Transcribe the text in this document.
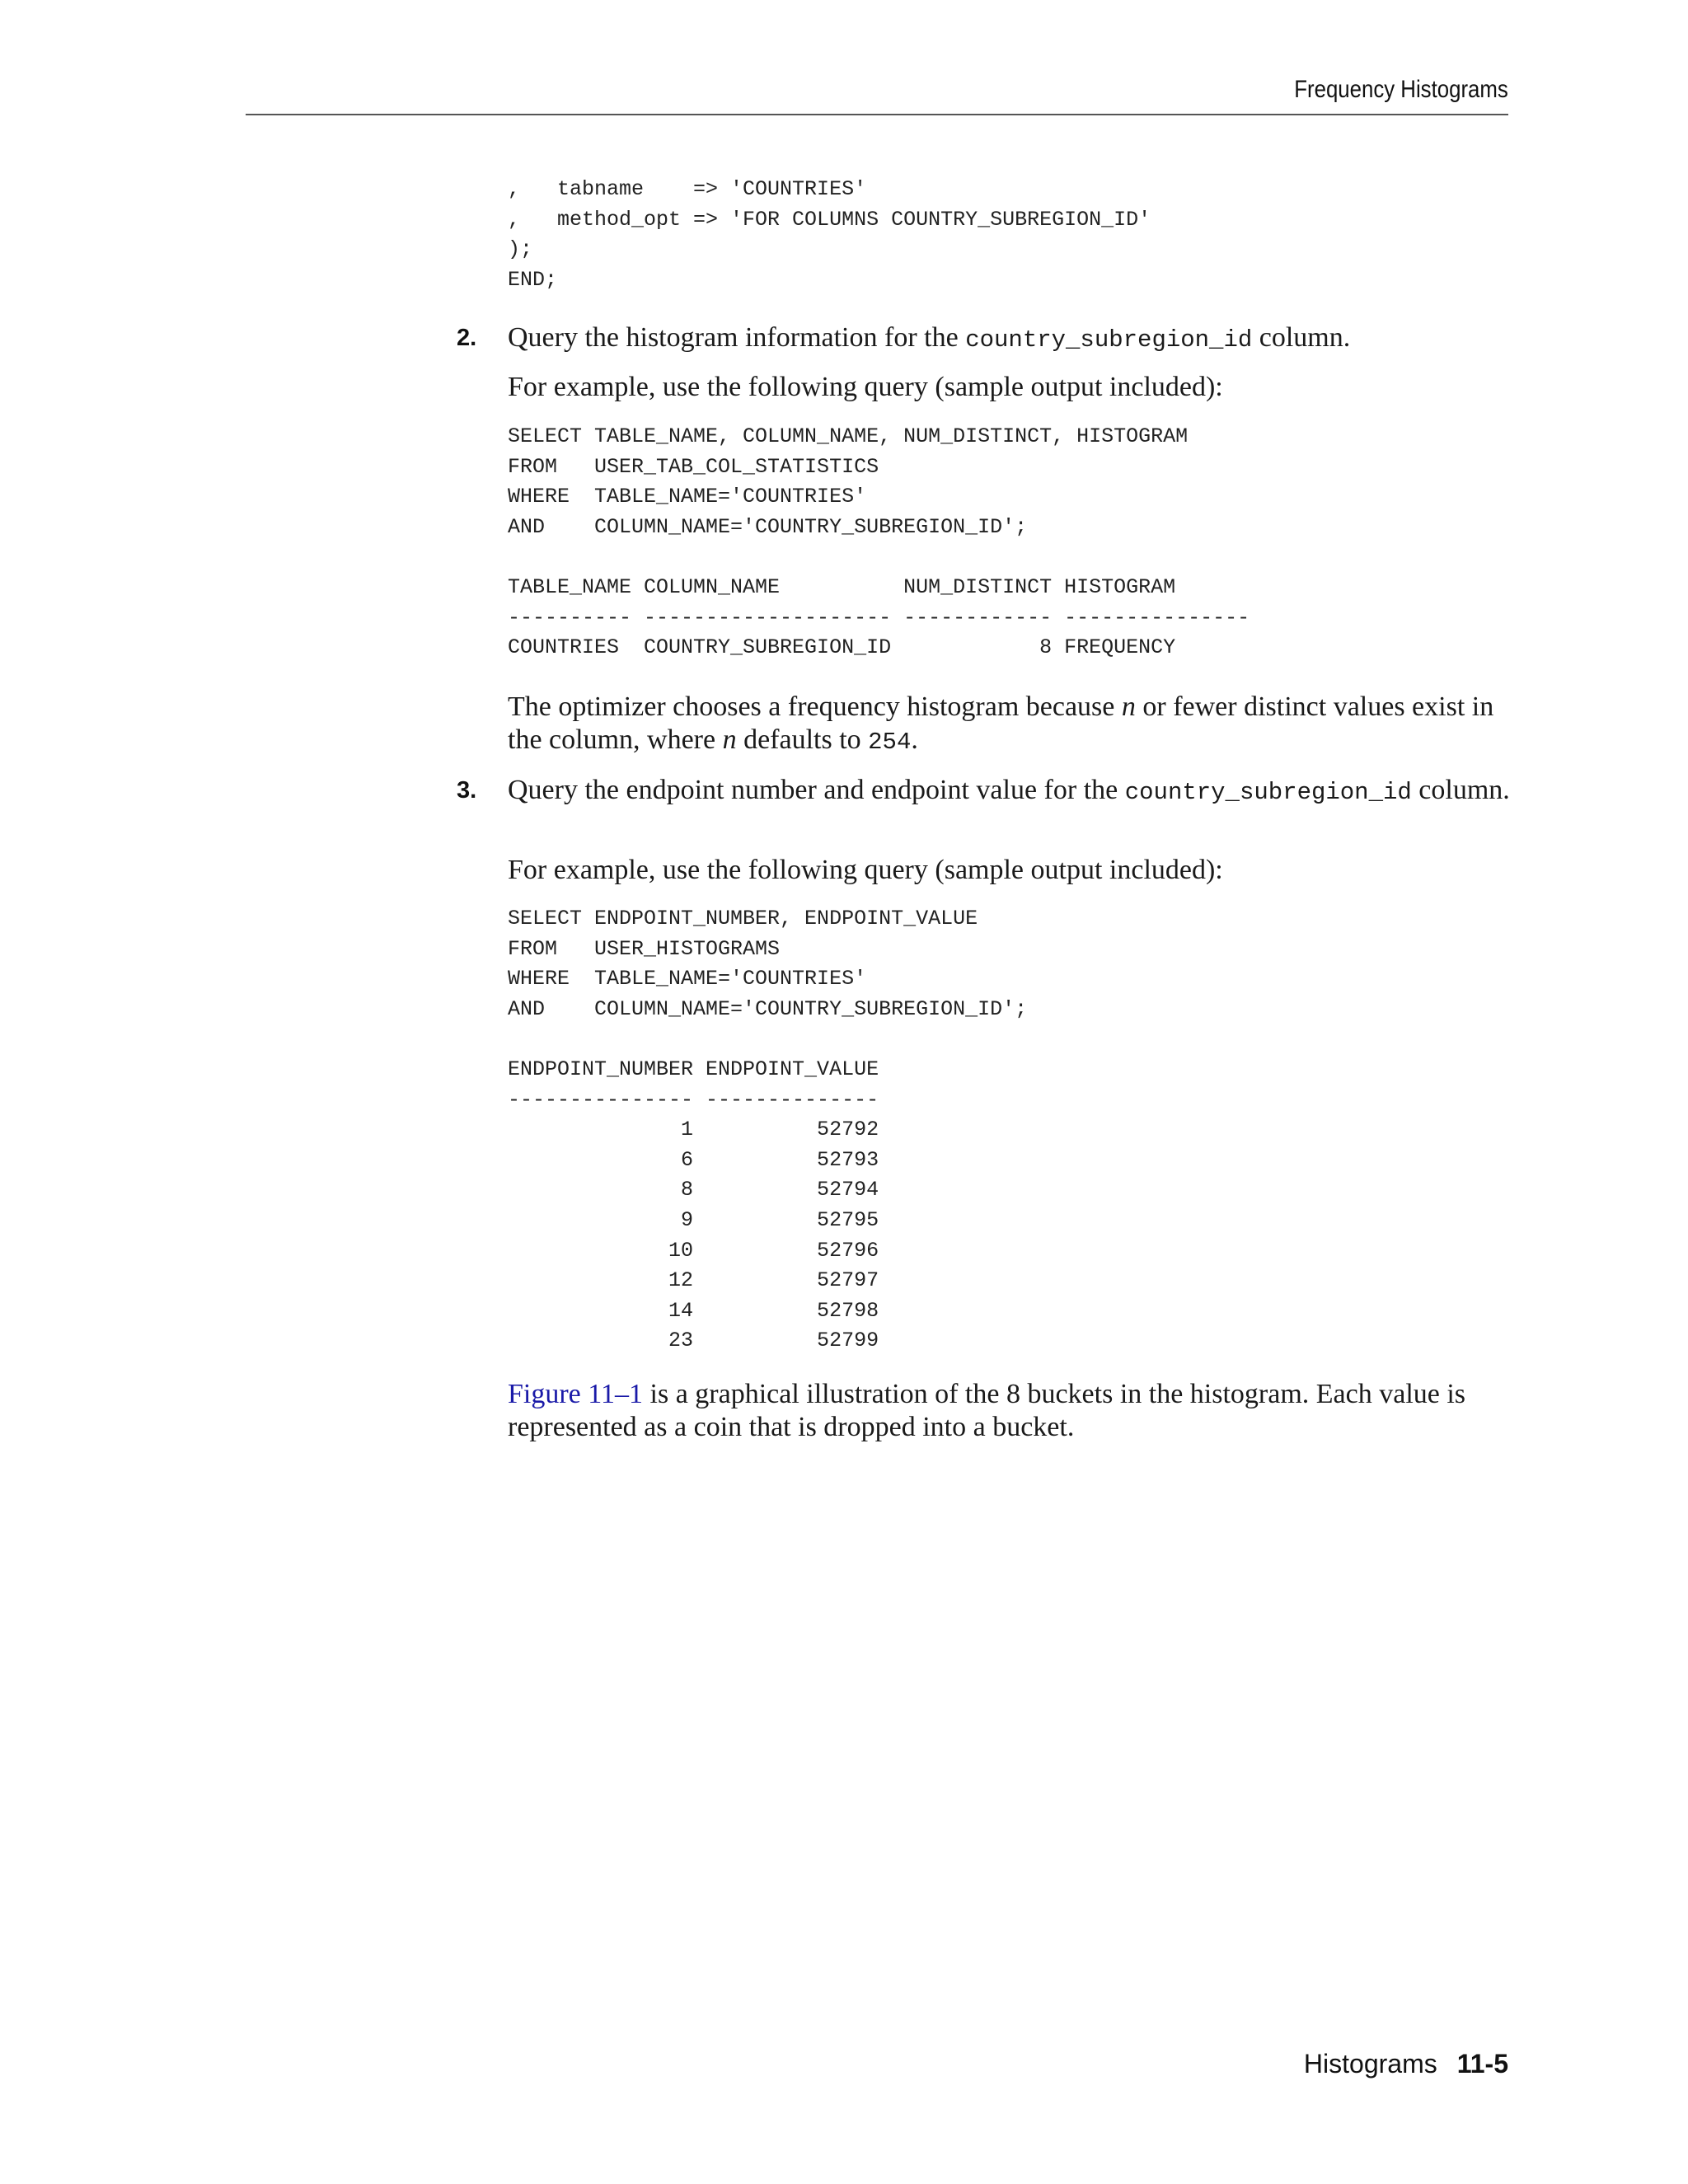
Frequency Histograms
,   tabname    => 'COUNTRIES'
,   method_opt => 'FOR COLUMNS COUNTRY_SUBREGION_ID'
);
END;
2. Query the histogram information for the country_subregion_id column.

For example, use the following query (sample output included):

SELECT TABLE_NAME, COLUMN_NAME, NUM_DISTINCT, HISTOGRAM
FROM   USER_TAB_COL_STATISTICS
WHERE  TABLE_NAME='COUNTRIES'
AND    COLUMN_NAME='COUNTRY_SUBREGION_ID';

TABLE_NAME COLUMN_NAME          NUM_DISTINCT HISTOGRAM
---------- -------------------- ------------ ---------------
COUNTRIES  COUNTRY_SUBREGION_ID            8 FREQUENCY

The optimizer chooses a frequency histogram because n or fewer distinct values exist in the column, where n defaults to 254.

3. Query the endpoint number and endpoint value for the country_subregion_id column.

For example, use the following query (sample output included):

SELECT ENDPOINT_NUMBER, ENDPOINT_VALUE
FROM   USER_HISTOGRAMS
WHERE  TABLE_NAME='COUNTRIES'
AND    COLUMN_NAME='COUNTRY_SUBREGION_ID';

ENDPOINT_NUMBER ENDPOINT_VALUE
--------------- --------------
1          52792
6          52793
8          52794
9          52795
10          52796
12          52797
14          52798
23          52799

Figure 11–1 is a graphical illustration of the 8 buckets in the histogram. Each value is represented as a coin that is dropped into a bucket.

Histograms 11-5
